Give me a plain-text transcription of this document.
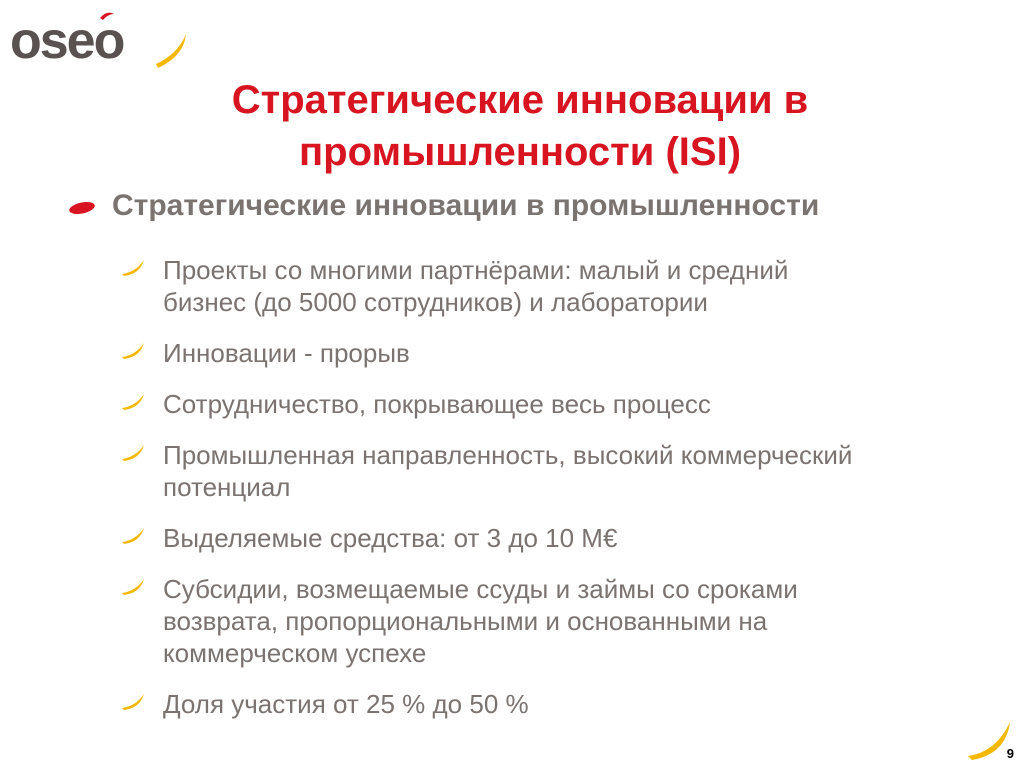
oseo
Стратегические инновации в
промышленности (ISI)
Стратегические инновации в промышленности
Проекты со многими партнёрами: малый и средний
бизнес (до 5000 сотрудников) и лаборатории
Инновации - прорыв
Сотрудничество, покрывающее весь процесс
Промышленная направленность, высокий коммерческий
потенциал
Выделяемые средства: от 3 до 10 М€
Субсидии, возмещаемые ссуды и займы со сроками
возврата, пропорциональными и основанными на
коммерческом успехе
Доля участия от 25 % до 50 %
9
